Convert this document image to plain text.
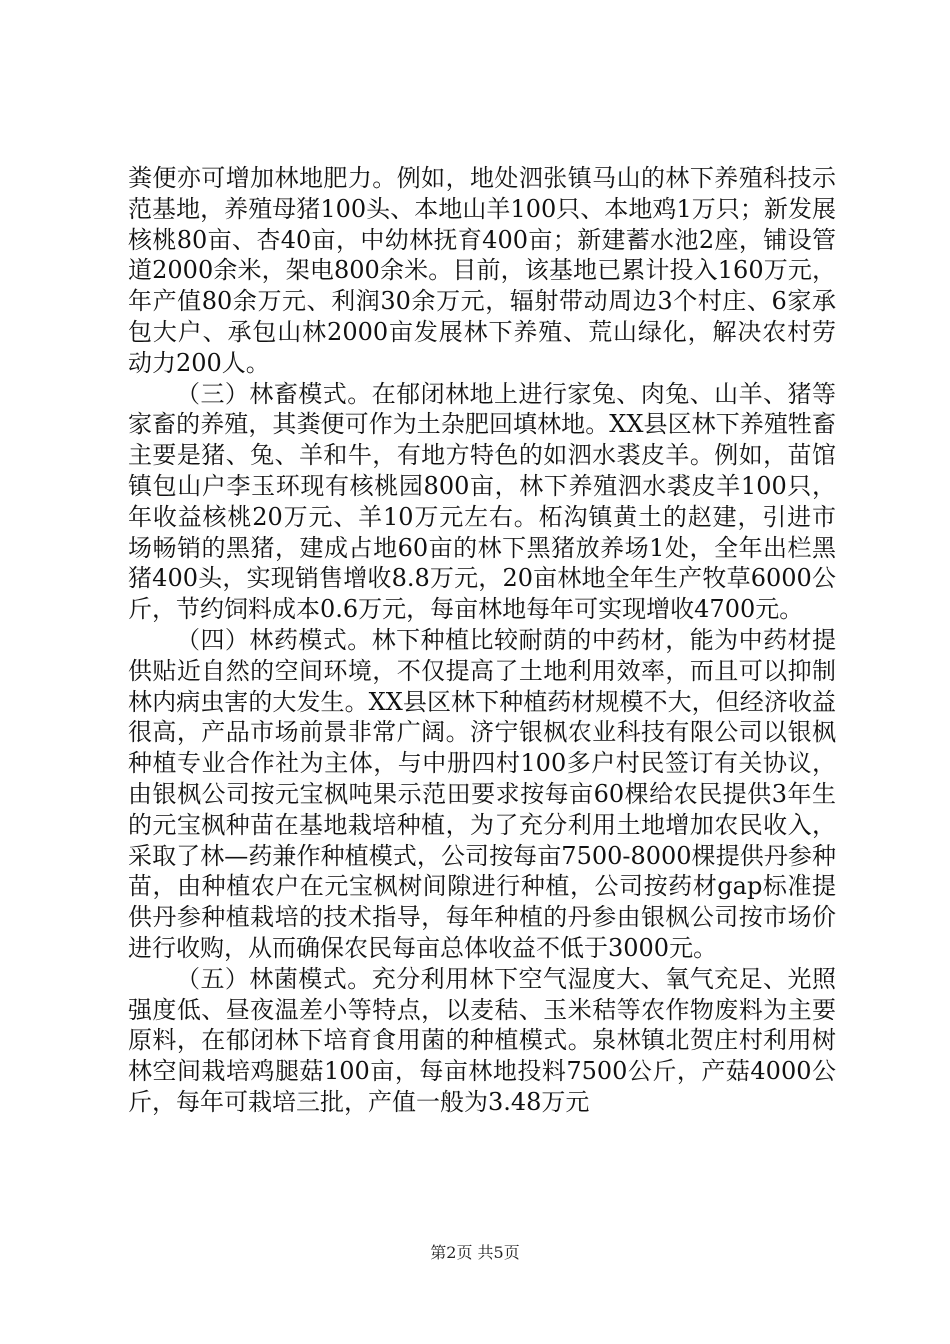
粪便亦可增加林地肥力。例如，地处泗张镇马山的林下养殖科技示范基地，养殖母猪100头、本地山羊100只、本地鸡1万只；新发展核桃80亩、杏40亩，中幼林抚育400亩；新建蓄水池2座，铺设管道2000余米，架电800余米。目前，该基地已累计投入160万元，年产值80余万元、利润30余万元，辐射带动周边3个村庄、6家承包大户、承包山林2000亩发展林下养殖、荒山绿化，解决农村劳动力200人。

（三）林畜模式。在郁闭林地上进行家兔、肉兔、山羊、猪等家畜的养殖，其粪便可作为土杂肥回填林地。XX县区林下养殖牲畜主要是猪、兔、羊和牛，有地方特色的如泗水裘皮羊。例如，苗馆镇包山户李玉环现有核桃园800亩，林下养殖泗水裘皮羊100只，年收益核桃20万元、羊10万元左右。柘沟镇黄土的赵建，引进市场畅销的黑猪，建成占地60亩的林下黑猪放养场1处，全年出栏黑猪400头，实现销售增收8.8万元，20亩林地全年生产牧草6000公斤，节约饲料成本0.6万元，每亩林地每年可实现增收4700元。

（四）林药模式。林下种植比较耐荫的中药材，能为中药材提供贴近自然的空间环境，不仅提高了土地利用效率，而且可以抑制林内病虫害的大发生。XX县区林下种植药材规模不大，但经济收益很高，产品市场前景非常广阔。济宁银枫农业科技有限公司以银枫种植专业合作社为主体，与中册四村100多户村民签订有关协议，由银枫公司按元宝枫吨果示范田要求按每亩60棵给农民提供3年生的元宝枫种苗在基地栽培种植，为了充分利用土地增加农民收入，采取了林—药兼作种植模式，公司按每亩7500-8000棵提供丹参种苗，由种植农户在元宝枫树间隙进行种植，公司按药材gap标准提供丹参种植栽培的技术指导，每年种植的丹参由银枫公司按市场价进行收购，从而确保农民每亩总体收益不低于3000元。

（五）林菌模式。充分利用林下空气湿度大、氧气充足、光照强度低、昼夜温差小等特点，以麦秸、玉米秸等农作物废料为主要原料，在郁闭林下培育食用菌的种植模式。泉林镇北贺庄村利用树林空间栽培鸡腿菇100亩，每亩林地投料7500公斤，产菇4000公斤，每年可栽培三批，产值一般为3.48万元

第2页 共5页
